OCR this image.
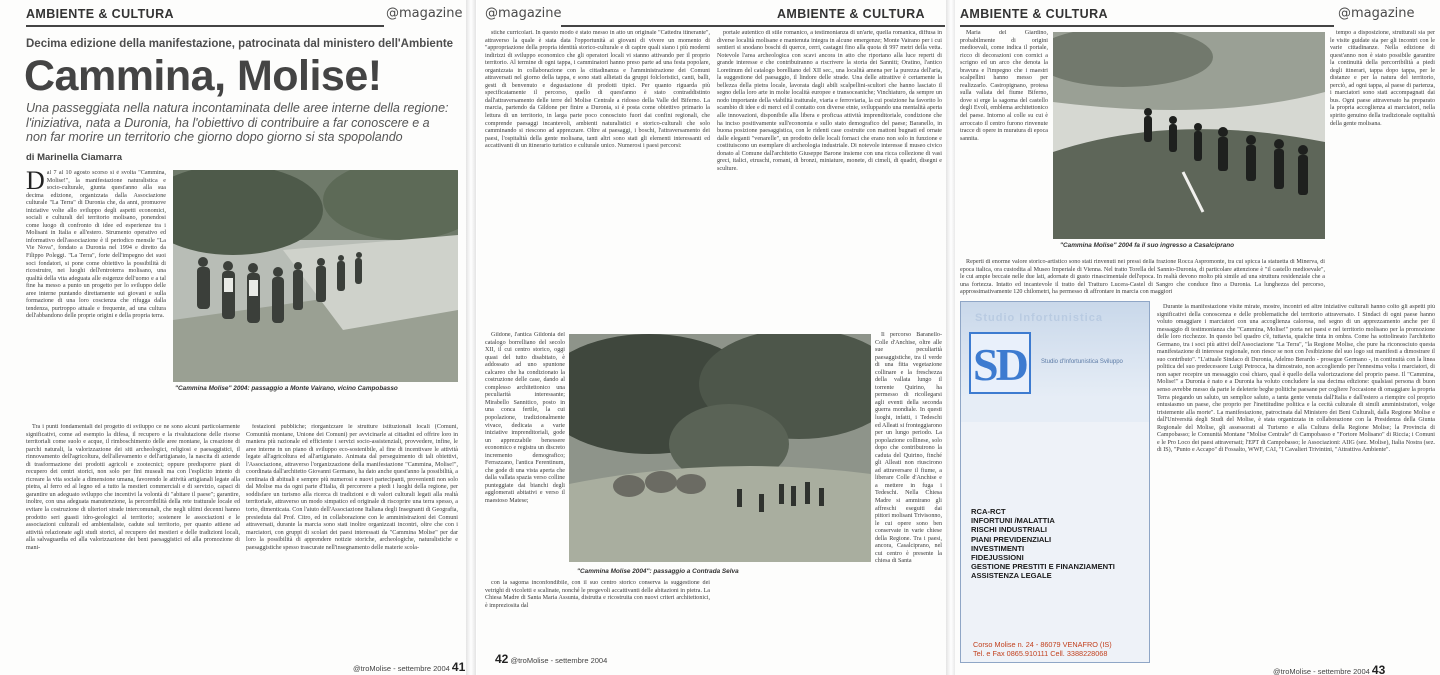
AMBIENTE & CULTURA	@magazine
Decima edizione della manifestazione, patrocinata dal ministero dell'Ambiente
Cammina, Molise!
Una passeggiata nella natura incontaminata delle aree interne della regione: l'iniziativa, nata a Duronia, ha l'obiettivo di contribuire a far conoscere e a non far morire un territorio che giorno dopo giorno si sta spopolando
di Marinella Ciamarra
Dal 7 al 10 agosto scorso si è svolta "Cammina, Molise!", la manifestazione naturalistica e socio-culturale, giunta quest'anno alla sua decima edizione, organizzata dalla Associazione culturale "La Terra" di Duronia che, da anni, promuove iniziative volte allo sviluppo degli aspetti economici, sociali e culturali del territorio molisano, ponendosi come luogo di confronto di idee ed esperienze tra i Molisani in Italia e all'estero. Strumento operativo ed informativo dell'associazione è il periodico mensile "La Vie Nova", fondato a Duronia nel 1994 e diretto da Filippo Poleggi. "La Terra", forte dell'impegno dei suoi soci fondatori, si pone come obiettivo la possibilità di ricostruire, nei luoghi dell'entroterra molisano, una qualità della vita adeguata alle esigenze dell'uomo e a tal fine ha messo a punto un progetto per lo sviluppo delle aree interne puntando direttamente sui giovani e sulla formazione di una loro coscienza che rifugga dalla tendenza, purtroppo attuale e frequente, ad una cultura dell'abbandono delle proprie origini e della propria terra.

Tra i punti fondamentali del progetto di sviluppo ce ne sono alcuni particolarmente significativi, come ad esempio la difesa, il recupero e la rivalutazione delle risorse territoriali come suolo e acque, il rimboschimento delle aree montane, la creazione di parchi naturali, la valorizzazione dei siti archeologici, religiosi e paesaggistici, il rinnovamento dell'agricoltura, dell'allevamento e dell'artigianato, la nascita di aziende di trasformazione dei prodotti agricoli e zootecnici; oppure predisporre piani di recupero dei centri storici, non solo per fini museali ma con l'esplicito intento di ricreare la vita sociale a dimensione umana, favorendo le attività artigianali legate alla pietra, al ferro ed al legno ed a tutto la mestieri commerciali e di servizio, capaci di garantire un adeguato sviluppo che incentivi la volontà di "abitare il paese"; garantire, inoltre, con una adeguata manutenzione, la percorribilità della rete tratturale locale ed evitare la costruzione di ulteriori strade intercomunali, che negli ultimi decenni hanno prodotto seri guasti idro-geologici al territorio; sostenere le associazioni e le associazioni culturali ed ambientaliste, cadute sul territorio, per quanto attiene ad attività relazionate agli studi storici, al recupero dei mestieri e delle tradizioni locali, alla salvaguardia ed alla valorizzazione dei beni paesaggistici ed alla promozione di mani-

festazioni pubbliche; riorganizzare le strutture istituzionali locali (Comuni, Comunità montane, Unione dei Comuni) per avvicinarle ai cittadini ed offrire loro in maniera più razionale ed efficiente i servizi socio-assistenziali, provvedere, infine, le aree interne in un piano di sviluppo eco-sostenibile, al fine di incentivare le attività legate all'agricoltura ed all'artigianato. Animata dal perseguimento di tali obiettivi, l'Associazione, attraverso l'organizzazione della manifestazione "Cammina, Molise!", coordinata dall'architetto Giovanni Germano, ha dato anche quest'anno la possibilità, a centinaia di abituali e sempre più numerosi e nuovi partecipanti, provenienti non solo dal Molise ma da ogni parte d'Italia, di percorrere a piedi i luoghi della regione, per soddisfare un turismo alla ricerca di tradizioni e di valori culturali legati alla realtà territoriale, attraverso un modo simpatico ed originale di riscoprire una terra spesso, a torto, dimenticata. Con l'aiuto dell'Associazione Italiana degli Insegnanti di Geografia, presieduta dal Prof. Citro, ed in collaborazione con le amministrazioni dei Comuni attraversati, durante la marcia sono stati inoltre organizzati incontri, oltre che con i marciatori, con gruppi di scolari dei paesi interessati da "Cammina Molise" per dar loro la possibilità di apprendere notizie storiche, archeologiche, naturalistiche e paesaggistiche spesso trascurate nell'insegnamento delle materie scola-

"Cammina Molise" 2004: passaggio a Monte Vairano, vicino Campobasso
@troMolise - settembre 2004 41
@magazine	AMBIENTE & CULTURA

stiche curricolari. In questo modo è stato messo in atto un originale "Cattedra itinerante", attraverso la quale è stata data l'opportunità ai giovani di vivere un momento di "appropriazione della propria identità storico-culturale e di capire quali siano i più moderni indirizzi di sviluppo economico che gli operatori locali vi stanno attivando per il proprio territorio. Al termine di ogni tappa, i camminatori hanno preso parte ad una festa popolare, organizzata in collaborazione con la cittadinanza e l'amministrazione dei Comuni attraversati nel giorno della tappa, e sono stati allietati da gruppi folcloristici, canti, balli, gesti di benvenuto e degustazione di prodotti tipici. Per quanto riguarda più specificatamente il percorso, quello di quest'anno è stato contraddistinto dall'attraversamento delle terre del Molise Centrale a ridosso della Valle del Biferno. La marcia, partendo da Gildone per finire a Duronia, si è posta come obiettivo primario la lettura di un territorio, in larga parte poco conosciuto fuori dai confini regionali, che comprende paesaggi incantevoli, ambienti naturalistici e storico-culturali che solo camminando si riescono ad apprezzare. Oltre ai paesaggi, i boschi, l'attraversamento dei paesi, l'ospitalità della gente molisana, tanti altri sono stati gli elementi interessanti ed accattivanti di un itinerario turistico e culturale unico. Numerosi i paesi percorsi:

Gildone, l'antica Gildonia del catalogo borrelliano del secolo XII, il cui centro storico, oggi quasi del tutto disabitato, è addossato ad uno spuntone calcareo che ha condizionato la costruzione delle case, dando al complesso architettonico una peculiarità interessante; Mirabello Sannitico, posto in una conca fertile, la cui popolazione, tradizionalmente vivace, dedicata a varie iniziative imprenditoriali, gode un apprezzabile benessere economico e registra un discreto incremento demografico; Ferrazzano, l'antica Ferentinum, che gode di una vista aperta che dalla vallata spazia verso colline punteggiate dai bianchi degli agglomerati abitativi e verso il maestoso Matese;

con la sagoma inconfondibile, con il suo centro storico conserva la suggestione dei vetrighi di vicoletti e scalinate, nonché le pregevoli accattivanti delle abitazioni in pietra. La Chiesa Madre di Santa Maria Assunta, distrutta e ricostruita con nuovi criteri architettonici, è impreziosita dal

portale autentico di stile romanico, a testimonianza di un'arte, quella romanica, diffusa in diverse località molisane e mantenuta integra in alcune emergenze; Monte Vairano per i cui sentieri si snodano boschi di querce, cerri, castagni fino alla quota di 997 metri della vetta. Notevole l'area archeologica con scavi ancora in atto che riportano alla luce reperti di grande interesse e che contribuiranno a riscrivere la storia dei Sanniti; Oratino, l'antico Loretinum del catalogo borelliano del XII sec., una località amena per la purezza dell'aria, la suggestione del paesaggio, il lindore delle strade. Una delle attrattive è certamente la bellezza della pietra locale, lavorata dagli abili scalpellini-scultori che hanno lasciato il segno della loro arte in molte località europee e transoceaniche; Vinchiaturo, da sempre un nodo importante della viabilità tratturale, viaria e ferroviaria, la cui posizione ha favorito lo scambio di idee e di merci ed il contatto con diverse etnie, sviluppando una mentalità aperta alle innovazioni, disponibile alla libera e proficua attività imprenditoriale, condizione che ha inciso positivamente sull'economia e sullo stato demografico del paese; Baranello, in buona posizione paesaggistica, con le ridenti case costruite con mattoni bugnati ed ornate dalle eleganti "venarelle", un prodotto delle locali fornaci che erano non solo in funzione e costituiscono un esemplare di archeologia industriale. Di notevole interesse il museo civico donato al Comune dall'architetto Giuseppe Barone insieme con una ricca collezione di vasi greci, italici, etruschi, romani, di bronzi, miniature, monete, di cimeli, di quadri, disegni e sculture.

Il percorso Baranello-Colle d'Anchise, oltre alle sue peculiarità paesaggistiche, tra il verde di una fitta vegetazione collinare e la freschezza della vallata lungo il torrente Quirino, ha permesso di ricollegarsi agli eventi della seconda guerra mondiale. In questi luoghi, infatti, i Tedeschi ed Alleati si fronteggiarono per un lungo periodo. La popolazione collinese, solo dopo che contribuirono la caduta del Quirino, finché gli Alleati non riuscirono ad attraversare il fiume, a liberare Colle d'Anchise e a mettere in fuga i Tedeschi. Nella Chiesa Madre si ammirano gli affreschi eseguiti dai pittori molisani Trivisonno, le cui opere sono ben conservate in varie chiese della Regione. Tra i paesi, ancora, Casalciprano, nel cui centro è presente la chiesa di Santa

"Cammina Molise 2004": passaggio a Contrada Selva
42 @troMolise - settembre 2004
AMBIENTE & CULTURA	@magazine

Maria del Giardino, probabilmente di origini medioevali, come indica il portale, ricco di decorazioni con cornici a scrigno ed un arco che denota la bravura e l'impegno che i maestri scalpellini hanno messo per realizzarlo. Castropignano, protesa sulla vallata del fiume Biferno, dove si erge la sagoma del castello degli Evoli, emblema architettonico del paese. Intorno al colle su cui è arroccato il centro furono rinvenute tracce di opere in muratura di epoca sannita.

"Cammina Molise" 2004 fa il suo ingresso a Casalciprano

Reperti di enorme valore storico-artistico sono stati rinvenuti nei pressi della frazione Rocca Aspromonte, tra cui spicca la statuetta di Minerva, di epoca italica, ora custodita al Museo Imperiale di Vienna. Nel tratto Torella del Sannio-Duronia, di particolare attenzione è "il castello medioevale", le cui ampie beccaie nelle due lati, adornate di gusto rinascimentale dell'epoca. In realtà devono molto più simile ad una struttura residenziale che a una fortezza. Intatto ed incantevole il tratto del Tratturo Lucera-Castel di Sangro che conduce fino a Duronia. La lunghezza del percorso, approssimativamente 120 chilometri, ha permesso di affrontare in marcia con maggiori

tempo a disposizione, strutturali sia per le visite guidate sia per gli incontri con le varie cittadinanze. Nella edizione di quest'anno non è stato possibile garantire la continuità della percorribilità a piedi degli itinerari, tappa dopo tappa, per le distanze e per la natura del territorio, perciò, ad ogni tappa, al paese di partenza, i marciatori sono stati accompagnati dai bus. Ogni paese attraversato ha preparato la propria accoglienza ai marciatori, nella spirito genuino della tradizionale ospitalità della gente molisana.

Durante la manifestazione visite mirate, mostre, incontri ed altre iniziative culturali hanno colto gli aspetti più significativi della conoscenza e delle problematiche del territorio attraversato. I Sindaci di ogni paese hanno voluto omaggiare i marciatori con una accoglienza calorosa, nel segno di un apprezzamento anche per il messaggio di testimonianza che "Cammina, Molise!" porta nei paesi e nel territorio molisano per la promozione delle loro ricchezze. In questo bel quadro c'è, tuttavia, qualche tinta in ombra. Come ha sottolineato l'architetto Germano, tra i soci più attivi dell'Associazione "La Terra", "la Regione Molise, che pure ha riconosciuto questa manifestazione di interesse regionale, non riesce se non con l'esibizione del suo logo sui manifesti a dimostrare il suo contributo". "L'attuale Sindaco di Duronia, Adelmo Berardo - prosegue Germano -, in continuità con la linea politica del suo predecessore Luigi Petrocca, ha dimostrato, non accogliendo per l'ennesima volta i marciatori, di non saper recepire un messaggio così chiaro, qual è quello della valorizzazione del proprio paese. Il "Cammina, Molise!" a Duronia è nato e a Duronia ha voluto concludere la sua decima edizione: qualsiasi persona di buon senso avrebbe messo da parte le deleterie beghe politiche paesane per cogliere l'occasione di omaggiare la propria Terra piegando un saluto, un semplice saluto, a tanta gente venuta dall'Italia e dall'estero a riempire col proprio entusiasmo un paese, che proprio per l'inettitudine politica e la cecità culturale di simili amministratori, volge tristemente alla morte". La manifestazione, patrocinata dal Ministero dei Beni Culturali, dalla Regione Molise e dall'Università degli Studi del Molise, è stata organizzata in collaborazione con la Presidenza della Giunta Regionale del Molise, gli assessorati al Turismo e alla Cultura della Regione Molise; la Provincia di Campobasso; le Comunità Montane "Molise Centrale" di Campobasso e "Fortore Molisano" di Riccia; i Comuni e le Pro Loco dei paesi attraversati; l'EPT di Campobasso; le Associazioni: AIIG (sez. Molise), Italia Nostra (sez. di IS), "Punto e Accapo" di Fossalto, WWF, CAI, "I Cavalieri Trivintini, "Attrattiva Ambiente".

Studio Infortunistica
SD	Studio d'Infortunistica Sviluppo
RCA-RCT
INFORTUNI /MALATTIA
RISCHI INDUSTRIALI
PIANI PREVIDENZIALI
INVESTIMENTI
FIDEJUSSIONI
GESTIONE PRESTITI E FINANZIAMENTI
ASSISTENZA LEGALE
Corso Molise n. 24 - 86079 VENAFRO (IS)
Tel. e Fax 0865.910111 Cell. 3388228068
@troMolise - settembre 2004 43
